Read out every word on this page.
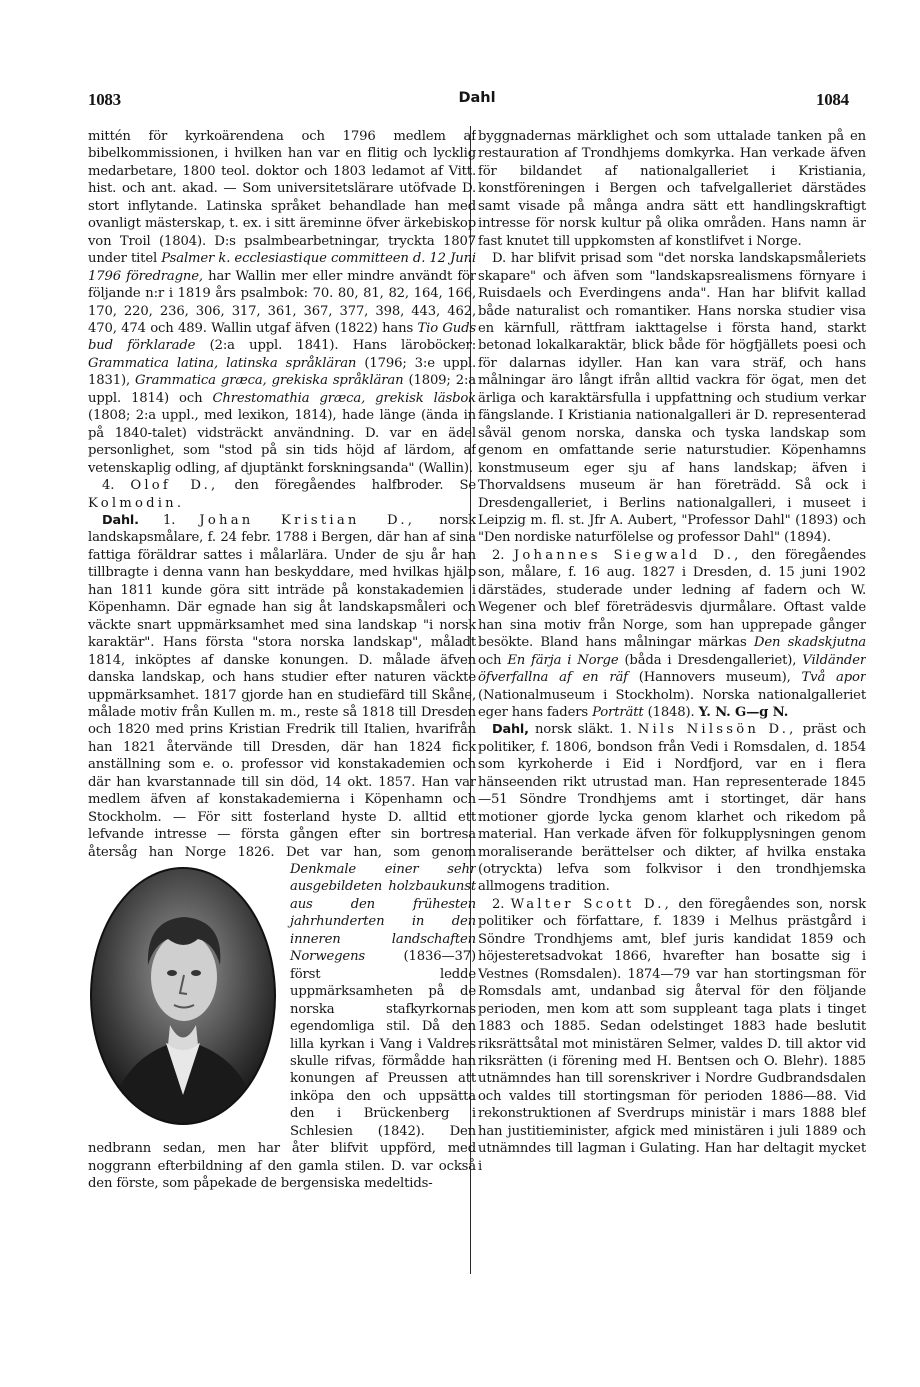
1083	Dahl	1084

mittén för kyrkoärendena och 1796 medlem af bibelkommissionen, i hvilken han var en flitig och lycklig medarbetare, 1800 teol. doktor och 1803 ledamot af Vitt. hist. och ant. akad. — Som universitetslärare utöfvade D. stort inflytande. Latinska språket behandlade han med ovanligt mästerskap, t. ex. i sitt äreminne öfver ärkebiskop von Troil (1804). D:s psalmbearbetningar, tryckta 1807 under titel Psalmer k. ecclesiastique committeen d. 12 Juni 1796 föredragne, har Wallin mer eller mindre användt för följande n:r i 1819 års psalmbok: 70. 80, 81, 82, 164, 166, 170, 220, 236, 306, 317, 361, 367, 377, 398, 443, 462, 470, 474 och 489. Wallin utgaf äfven (1822) hans Tio Guds bud förklarade (2:a uppl. 1841). Hans läroböcker: Grammatica latina, latinska språkläran (1796; 3:e uppl. 1831), Grammatica græca, grekiska språkläran (1809; 2:a uppl. 1814) och Chrestomathia græca, grekisk läsbok (1808; 2:a uppl., med lexikon, 1814), hade länge (ända in på 1840-talet) vidsträckt användning. D. var en ädel personlighet, som "stod på sin tids höjd af lärdom, af vetenskaplig odling, af djuptänkt forskningsanda" (Wallin).

4. Olof D., den föregåendes halfbroder. Se Kolmodin.

Dahl. 1. Johan Kristian D., norsk landskapsmålare, f. 24 febr. 1788 i Bergen, där han af sina fattiga föräldrar sattes i målarlära. Under de sju år han tillbragte i denna vann han beskyddare, med hvilkas hjälp han 1811 kunde göra sitt inträde på konstakademien i Köpenhamn. Där egnade han sig åt landskapsmåleri och väckte snart uppmärksamhet med sina landskap "i norsk karaktär". Hans första "stora norska landskap", måladt 1814, inköptes af danske konungen. D. målade äfven danska landskap, och hans studier efter naturen väckte uppmärksamhet. 1817 gjorde han en studiefärd till Skåne, målade motiv från Kullen m. m., reste så 1818 till Dresden och 1820 med prins Kristian Fredrik till Italien, hvarifrån han 1821 återvände till Dresden, där han 1824 fick anställning som e. o. professor vid konstakademien och där han kvarstannade till sin död, 14 okt. 1857. Han var medlem äfven af konstakademierna i Köpenhamn och Stockholm. — För sitt fosterland hyste D. alltid ett lefvande intresse — första gången efter sin bortresa återsåg han Norge 1826. Det var han, som genom
Denkmale einer sehr ausgebildeten holzbaukunst aus den frühesten jahrhunderten in den inneren landschaften Norwegens	(1836—37) först ledde uppmärksamheten på de norska stafkyrkornas egendomliga stil. Då den lilla kyrkan i Vang i Valdres skulle rifvas, förmådde han konungen af Preussen att inköpa den och uppsätta den i Brückenberg i Schlesien (1842). Den nedbrann sedan, men har åter blifvit uppförd, med noggrann efterbildning af den gamla stilen. D. var också den förste, som påpekade de bergensiska medeltids-

byggnadernas märklighet och som uttalade tanken på en restauration af Trondhjems domkyrka. Han verkade äfven för bildandet af nationalgalleriet i Kristiania, konstföreningen i Bergen och tafvelgalleriet därstädes samt visade på många andra sätt ett handlingskraftigt intresse för norsk kultur på olika områden. Hans namn är fast knutet till uppkomsten af konstlifvet i Norge.

D. har blifvit prisad som "det norska landskapsmåleriets skapare" och äfven som "landskapsrealismens förnyare i Ruisdaels och Everdingens anda". Han har blifvit kallad både naturalist och romantiker. Hans norska studier visa en kärnfull, rättfram iakttagelse i första hand, starkt betonad lokalkaraktär, blick både för högfjällets poesi och för dalarnas idyller. Han kan vara sträf, och hans målningar äro långt ifrån alltid vackra för ögat, men det ärliga och karaktärsfulla i uppfattning och studium verkar fängslande. I Kristiania nationalgalleri är D. representerad såväl genom norska, danska och tyska landskap som genom en omfattande serie naturstudier. Köpenhamns konstmuseum eger sju af hans landskap; äfven i Thorvaldsens museum är han företrädd. Så ock i Dresdengalleriet, i Berlins nationalgalleri, i museet i Leipzig m. fl. st. Jfr A. Aubert, "Professor Dahl" (1893) och "Den nordiske naturfölelse og professor Dahl" (1894).

2. Johannes Siegwald D., den föregåendes son, målare, f. 16 aug. 1827 i Dresden, d. 15 juni 1902 därstädes, studerade under ledning af fadern och W. Wegener och blef företrädesvis djurmålare. Oftast valde han sina motiv från Norge, som han upprepade gånger besökte. Bland hans målningar märkas Den skadskjutna och En färja i Norge (båda i Dresdengalleriet), Vildänder öfverfallna af en räf (Hannovers museum), Två apor (Nationalmuseum i Stockholm). Norska nationalgalleriet eger hans faders Porträtt (1848). Y. N. G—g N.

Dahl, norsk släkt. 1. Nils Nilssön D., präst och politiker, f. 1806, bondson från Vedi i Romsdalen, d. 1854 som kyrkoherde i Eid i Nordfjord, var en i flera hänseenden rikt utrustad man. Han representerade 1845—51 Söndre Trondhjems amt i stortinget, där hans motioner gjorde lycka genom klarhet och rikedom på material. Han verkade äfven för folkupplysningen genom moraliserande berättelser och dikter, af hvilka enstaka (otryckta) lefva som folkvisor i den trondhjemska allmogens tradition.

2. Walter Scott D., den föregåendes son, norsk politiker och författare, f. 1839 i Melhus prästgård i Söndre Trondhjems amt, blef juris kandidat 1859 och höjesteretsadvokat 1866, hvarefter han bosatte sig i Vestnes (Romsdalen). 1874—79 var han stortingsman för Romsdals amt, undanbad sig återval för den följande perioden, men kom att som suppleant taga plats i tinget 1883 och 1885. Sedan odelstinget 1883 hade beslutit riksrättsåtal mot ministären Selmer, valdes D. till aktor vid riksrätten (i förening med H. Bentsen och O. Blehr). 1885 utnämndes han till sorenskriver i Nordre Gudbrandsdalen och valdes till stortingsman för perioden 1886—88. Vid rekonstruktionen af Sverdrups ministär i mars 1888 blef han justitieminister, afgick med ministären i juli 1889 och utnämndes till lagman i Gulating. Han har deltagit mycket i
